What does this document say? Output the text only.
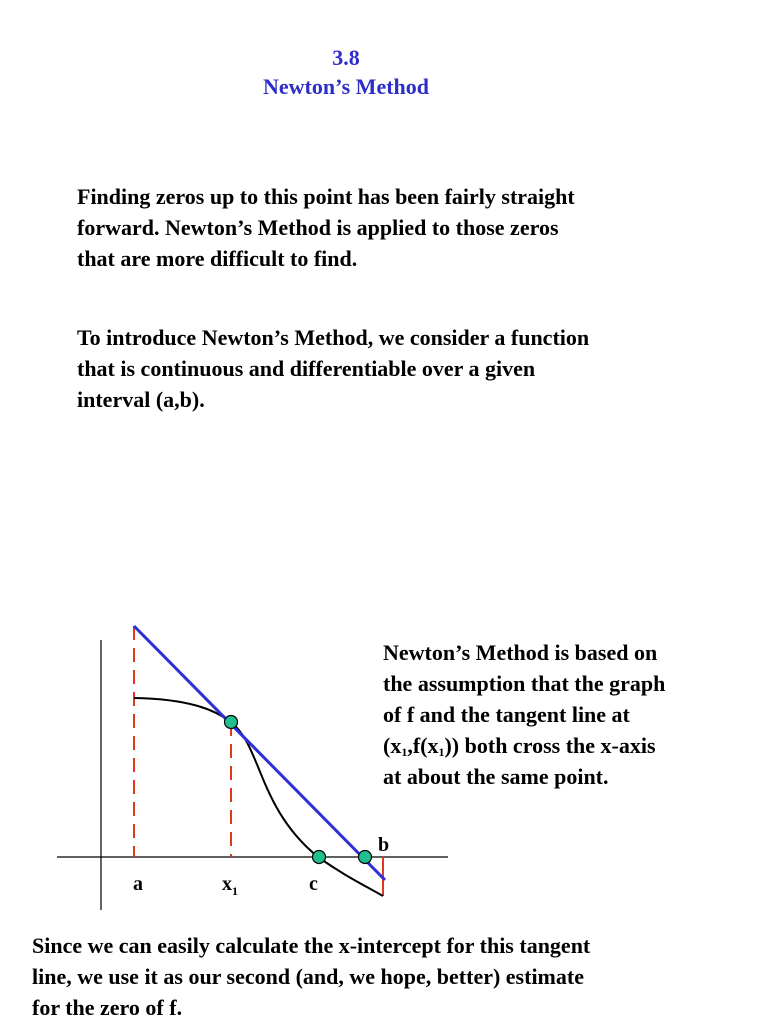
3.8
Newton’s Method
Finding zeros up to this point has been fairly straight
forward. Newton’s Method is applied to those zeros
that are more difficult to find.
To introduce Newton’s Method, we consider a function
that is continuous and differentiable over a given
interval (a,b).
a	$x_1$	c
b
Newton’s Method is based on
the assumption that the graph
of f and the tangent line at
$(x_1,f(x_1))$ both cross the x-axis
at about the same point.
Since we can easily calculate the x-intercept for this tangent
line, we use it as our second (and, we hope, better) estimate
for the zero of f.
